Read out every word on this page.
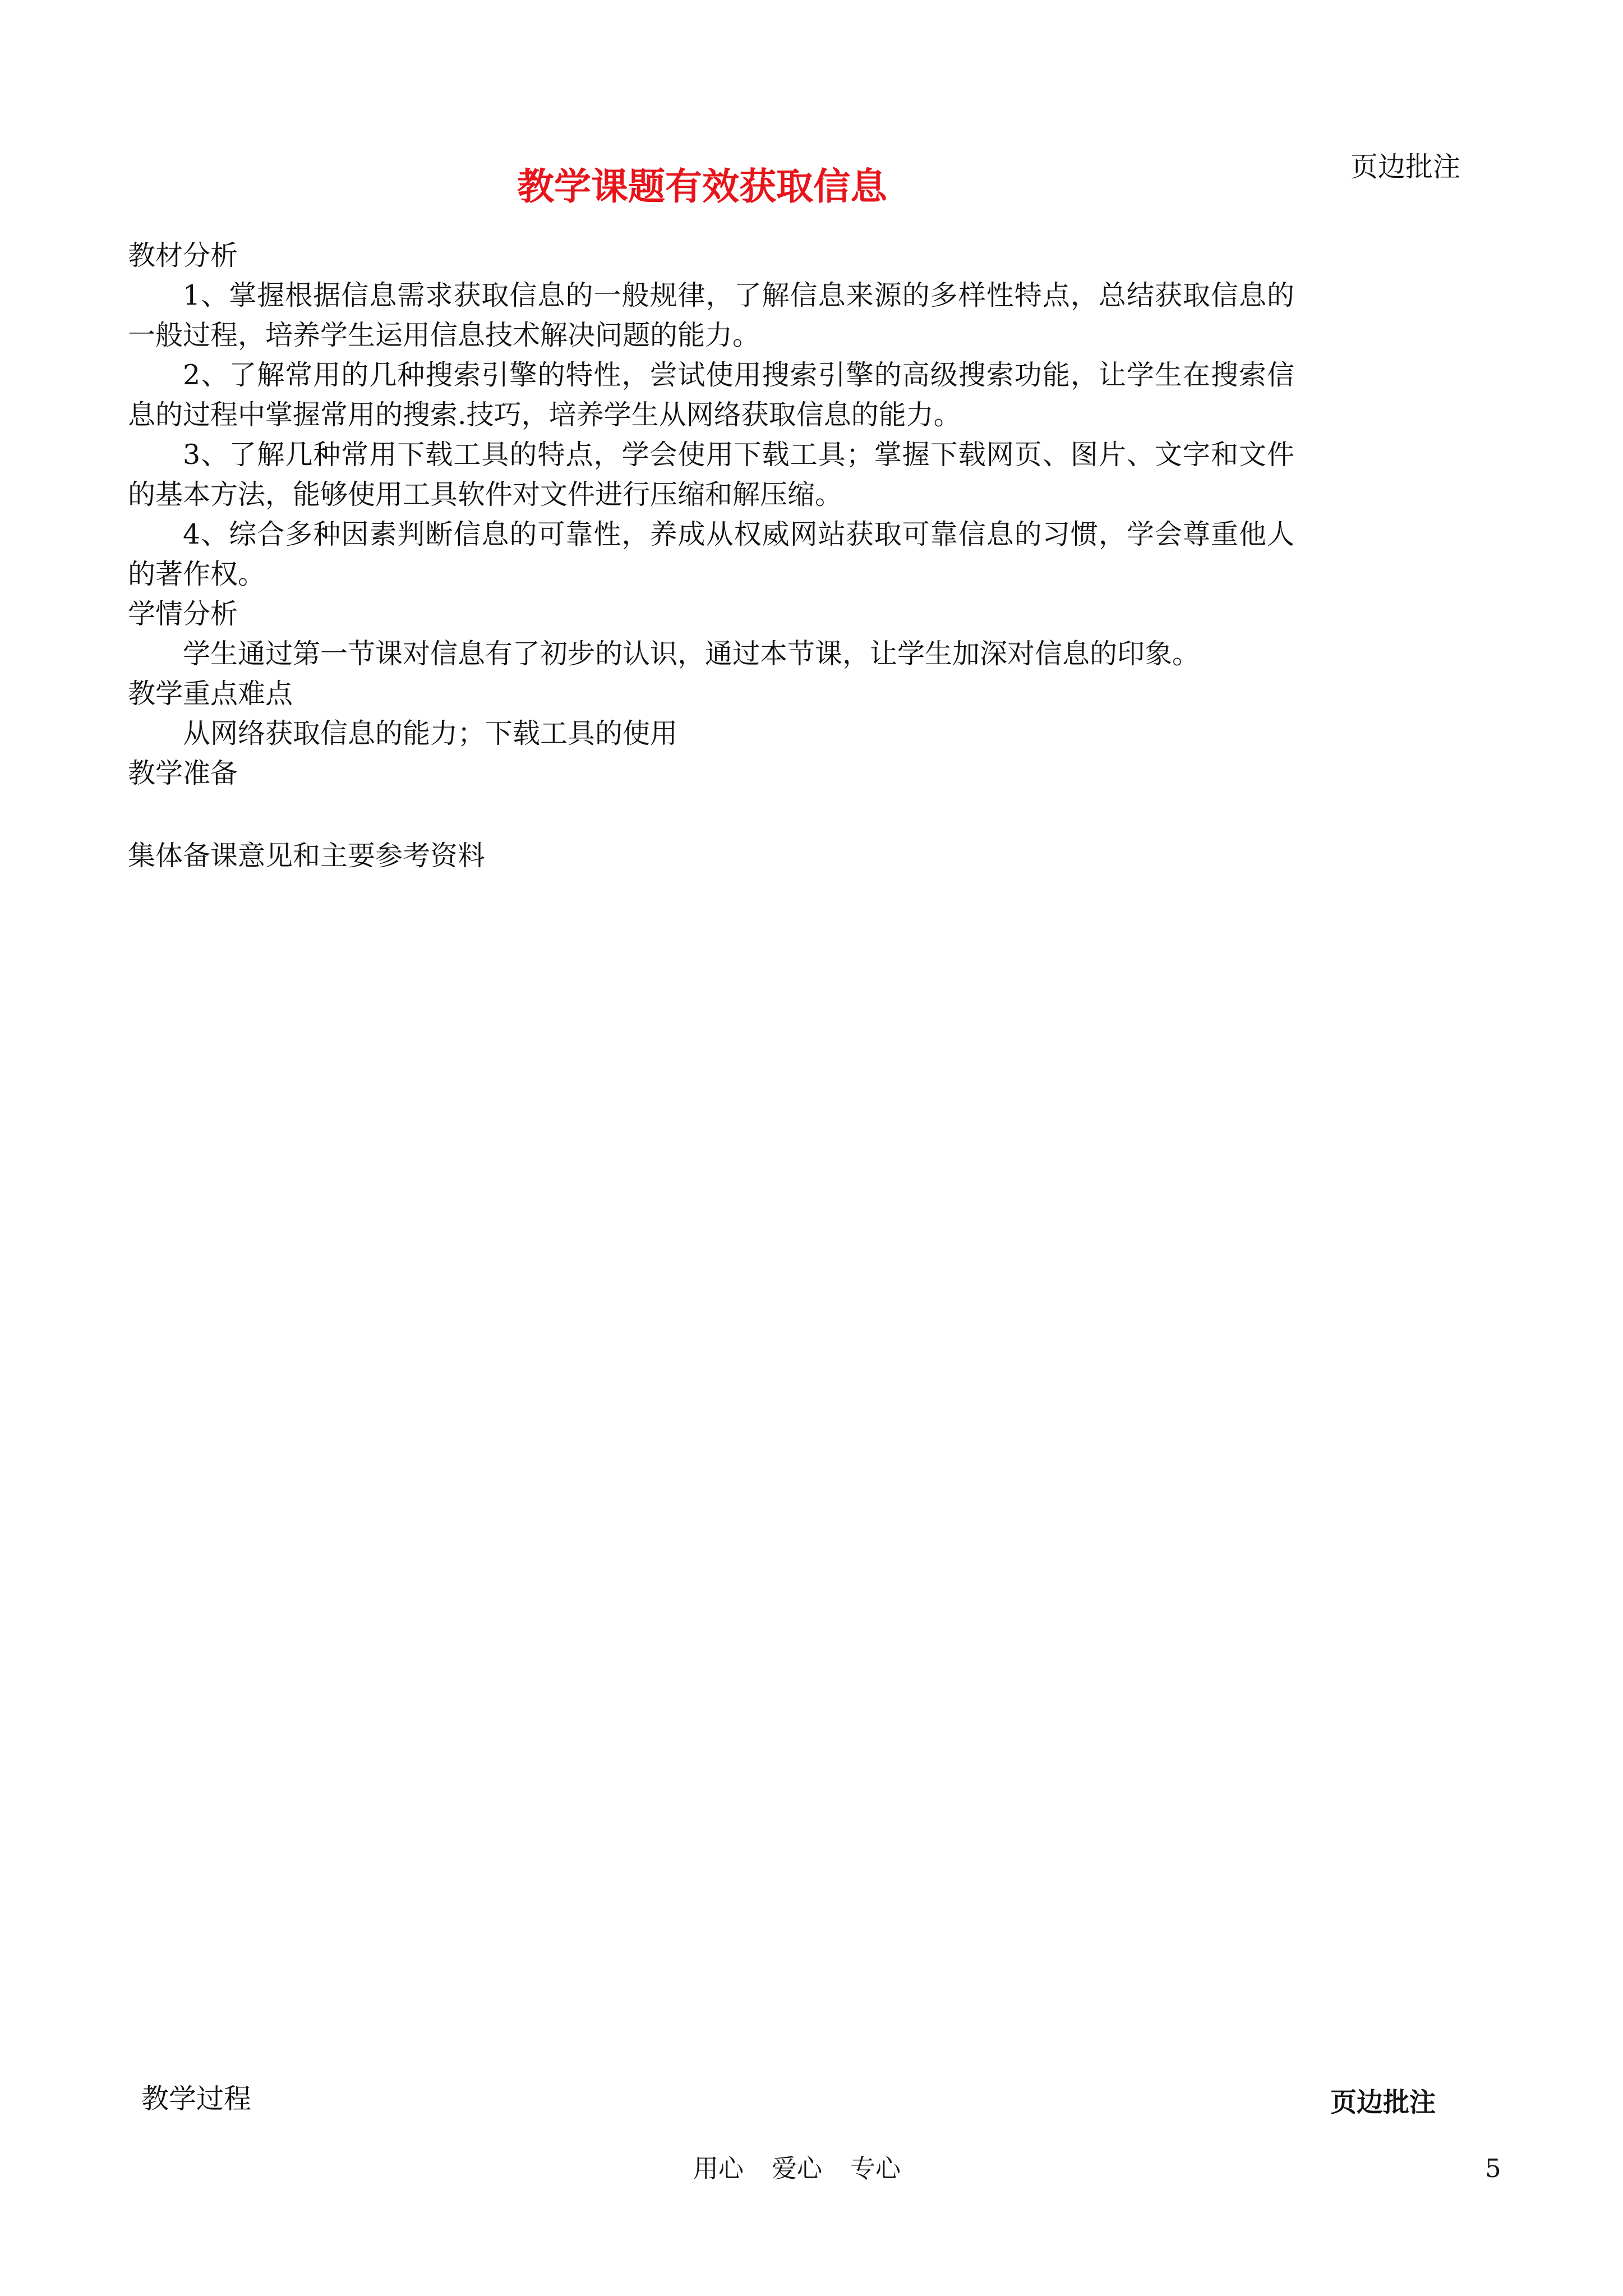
页边批注
教学课题有效获取信息

教材分析

1、掌握根据信息需求获取信息的一般规律，了解信息来源的多样性特点，总结获取信息的一般过程，培养学生运用信息技术解决问题的能力。

2、了解常用的几种搜索引擎的特性，尝试使用搜索引擎的高级搜索功能，让学生在搜索信息的过程中掌握常用的搜索.技巧，培养学生从网络获取信息的能力。

3、了解几种常用下载工具的特点，学会使用下载工具；掌握下载网页、图片、文字和文件的基本方法，能够使用工具软件对文件进行压缩和解压缩。

4、综合多种因素判断信息的可靠性，养成从权威网站获取可靠信息的习惯，学会尊重他人的著作权。

学情分析

学生通过第一节课对信息有了初步的认识，通过本节课，让学生加深对信息的印象。

教学重点难点

从网络获取信息的能力；下载工具的使用

教学准备

集体备课意见和主要参考资料

教学过程	页边批注
用心 爱心 专心	5
